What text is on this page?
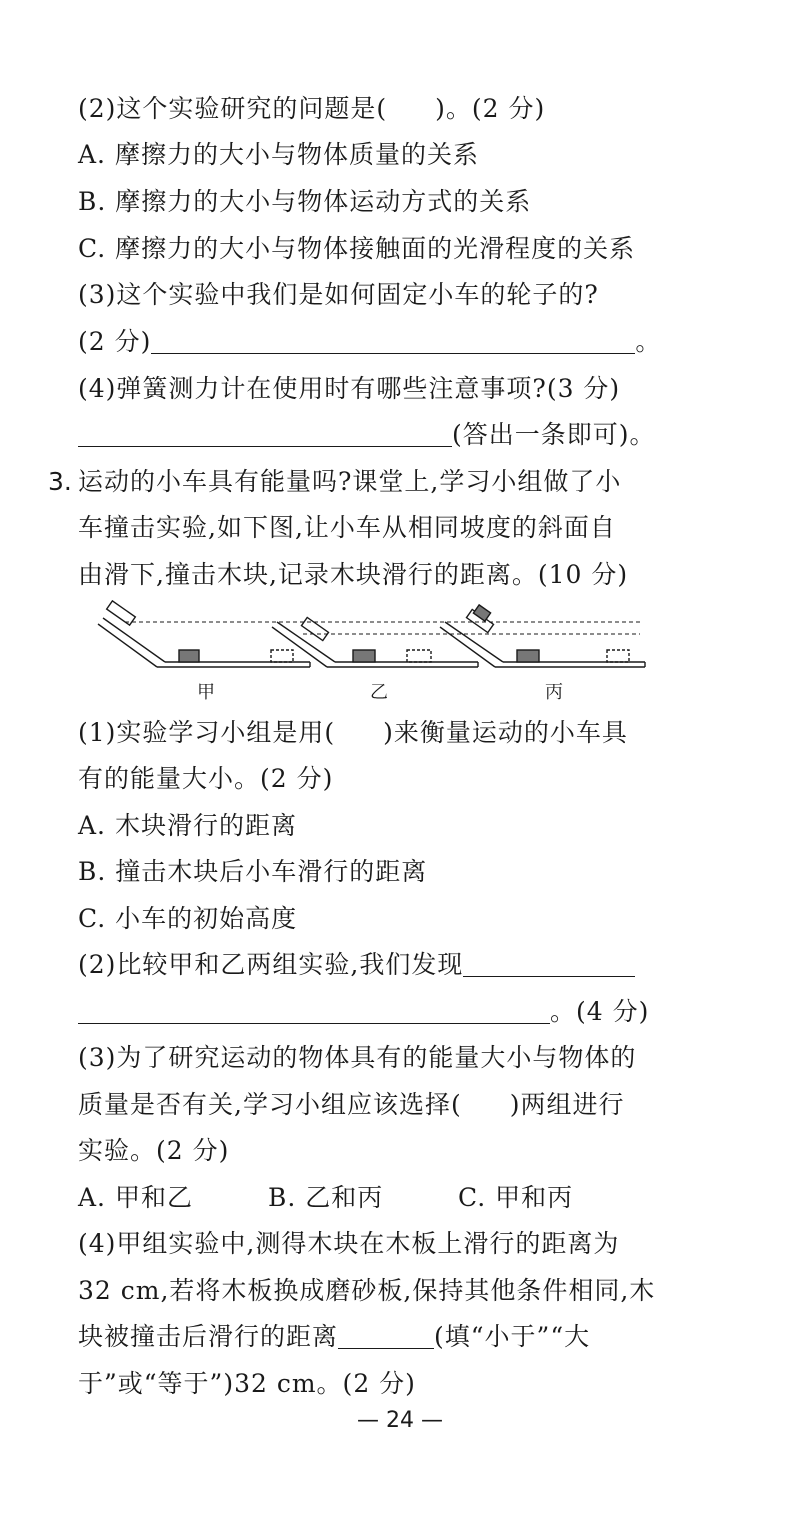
(2)这个实验研究的问题是( )。(2 分)
A. 摩擦力的大小与物体质量的关系
B. 摩擦力的大小与物体运动方式的关系
C. 摩擦力的大小与物体接触面的光滑程度的关系
(3)这个实验中我们是如何固定小车的轮子的?
(2 分)	。
(4)弹簧测力计在使用时有哪些注意事项?(3 分)
(答出一条即可)。
3. 运动的小车具有能量吗?课堂上,学习小组做了小
车撞击实验,如下图,让小车从相同坡度的斜面自
由滑下,撞击木块,记录木块滑行的距离。(10 分)
甲	乙	丙
(1)实验学习小组是用( )来衡量运动的小车具
有的能量大小。(2 分)
A. 木块滑行的距离
B. 撞击木块后小车滑行的距离
C. 小车的初始高度
(2)比较甲和乙两组实验,我们发现
。(4 分)
(3)为了研究运动的物体具有的能量大小与物体的
质量是否有关,学习小组应该选择( )两组进行
实验。(2 分)
A. 甲和乙	B. 乙和丙	C. 甲和丙
(4)甲组实验中,测得木块在木板上滑行的距离为
32 cm,若将木板换成磨砂板,保持其他条件相同,木
块被撞击后滑行的距离	(填“小于”“大
于”或“等于”)32 cm。(2 分)
— 24 —
